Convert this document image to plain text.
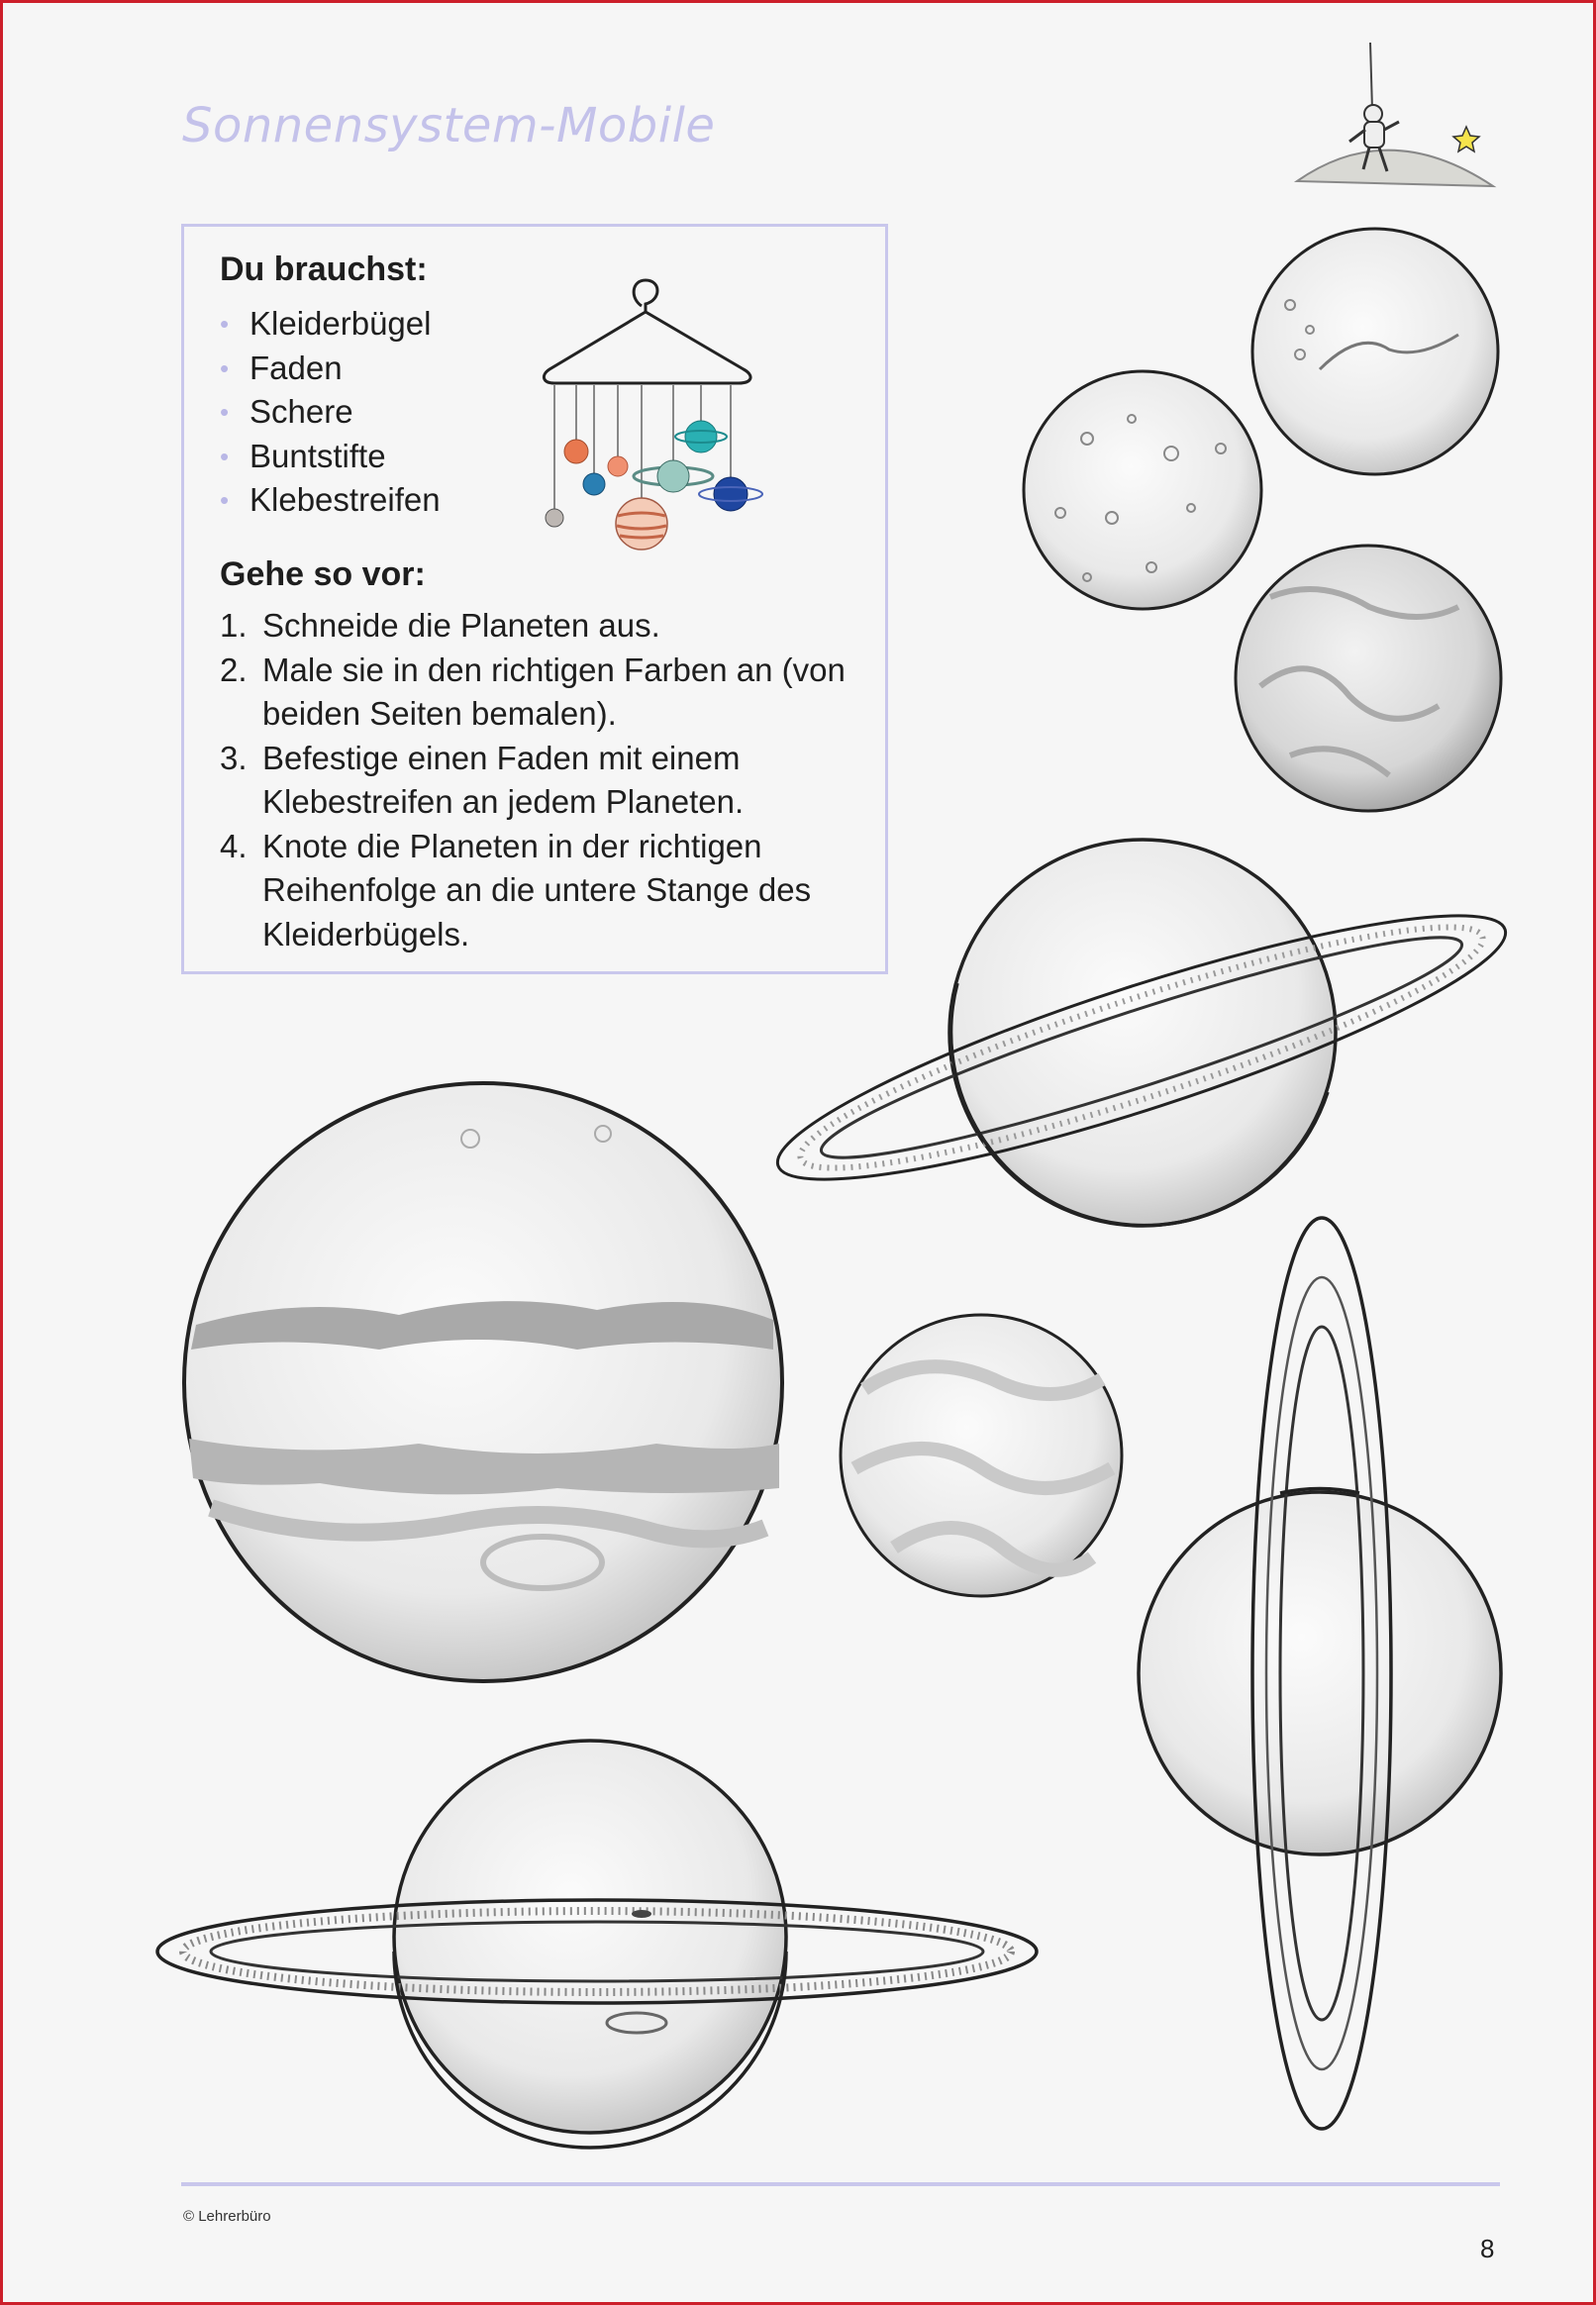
Sonnensystem-Mobile
Du brauchst:
• Kleiderbügel
• Faden
• Schere
• Buntstifte
• Klebestreifen
Gehe so vor:
1. Schneide die Planeten aus.
2. Male sie in den richtigen Farben an (von beiden Seiten bemalen).
3. Befestige einen Faden mit einem Klebestreifen an jedem Planeten.
4. Knote die Planeten in der richtigen Reihenfolge an die untere Stange des Kleiderbügels.
© Lehrerbüro
8
